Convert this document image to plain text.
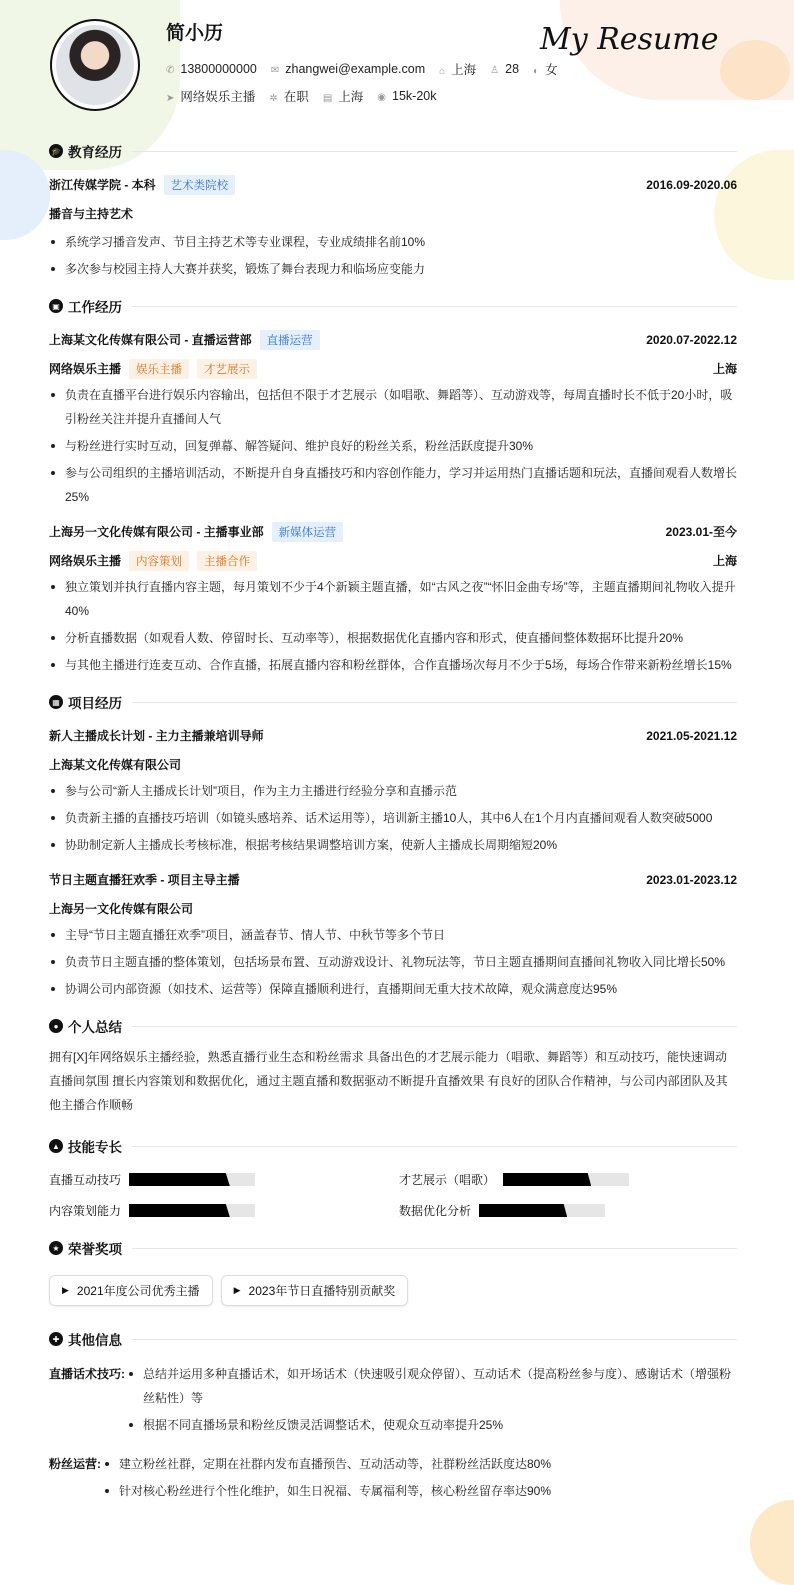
简小历	My Resume
✆ 13800000000 ✉ zhangwei@example.com ⌂ 上海 ♙ 28 ◐ 女
➤ 网络娱乐主播 ✲ 在职 ▤ 上海 ◉ 15k-20k
🎓 教育经历
浙江传媒学院 - 本科	艺术类院校	2016.09-2020.06
播音与主持艺术
系统学习播音发声、节目主持艺术等专业课程，专业成绩排名前10%
多次参与校园主持人大赛并获奖，锻炼了舞台表现力和临场应变能力
▣ 工作经历
上海某文化传媒有限公司 - 直播运营部	直播运营	2020.07-2022.12
网络娱乐主播	娱乐主播	才艺展示	上海
负责在直播平台进行娱乐内容输出，包括但不限于才艺展示（如唱歌、舞蹈等）、互动游戏等，每周直播时长不低于20小时，吸引粉丝关注并提升直播间人气
与粉丝进行实时互动，回复弹幕、解答疑问、维护良好的粉丝关系，粉丝活跃度提升30%
参与公司组织的主播培训活动，不断提升自身直播技巧和内容创作能力，学习并运用热门直播话题和玩法，直播间观看人数增长25%
上海另一文化传媒有限公司 - 主播事业部	新媒体运营	2023.01-至今
网络娱乐主播	内容策划	主播合作	上海
独立策划并执行直播内容主题，每月策划不少于4个新颖主题直播，如“古风之夜”“怀旧金曲专场”等，主题直播期间礼物收入提升40%
分析直播数据（如观看人数、停留时长、互动率等），根据数据优化直播内容和形式，使直播间整体数据环比提升20%
与其他主播进行连麦互动、合作直播，拓展直播内容和粉丝群体，合作直播场次每月不少于5场，每场合作带来新粉丝增长15%
▦ 项目经历
新人主播成长计划 - 主力主播兼培训导师	2021.05-2021.12
上海某文化传媒有限公司
参与公司“新人主播成长计划”项目，作为主力主播进行经验分享和直播示范
负责新主播的直播技巧培训（如镜头感培养、话术运用等），培训新主播10人，其中6人在1个月内直播间观看人数突破5000
协助制定新人主播成长考核标准，根据考核结果调整培训方案，使新人主播成长周期缩短20%
节日主题直播狂欢季 - 项目主导主播	2023.01-2023.12
上海另一文化传媒有限公司
主导“节日主题直播狂欢季”项目，涵盖春节、情人节、中秋节等多个节日
负责节日主题直播的整体策划，包括场景布置、互动游戏设计、礼物玩法等，节日主题直播期间直播间礼物收入同比增长50%
协调公司内部资源（如技术、运营等）保障直播顺利进行，直播期间无重大技术故障，观众满意度达95%
● 个人总结
拥有[X]年网络娱乐主播经验，熟悉直播行业生态和粉丝需求 具备出色的才艺展示能力（唱歌、舞蹈等）和互动技巧，能快速调动直播间氛围 擅长内容策划和数据优化，通过主题直播和数据驱动不断提升直播效果 有良好的团队合作精神，与公司内部团队及其他主播合作顺畅
▲ 技能专长
直播互动技巧	才艺展示（唱歌）
内容策划能力	数据优化分析
★ 荣誉奖项
▶ 2021年度公司优秀主播	▶ 2023年节日直播特别贡献奖
✚ 其他信息
直播话术技巧:	总结并运用多种直播话术，如开场话术（快速吸引观众停留）、互动话术（提高粉丝参与度）、感谢话术（增强粉丝粘性）等
根据不同直播场景和粉丝反馈灵活调整话术，使观众互动率提升25%
粉丝运营:	建立粉丝社群，定期在社群内发布直播预告、互动活动等，社群粉丝活跃度达80%
针对核心粉丝进行个性化维护，如生日祝福、专属福利等，核心粉丝留存率达90%
